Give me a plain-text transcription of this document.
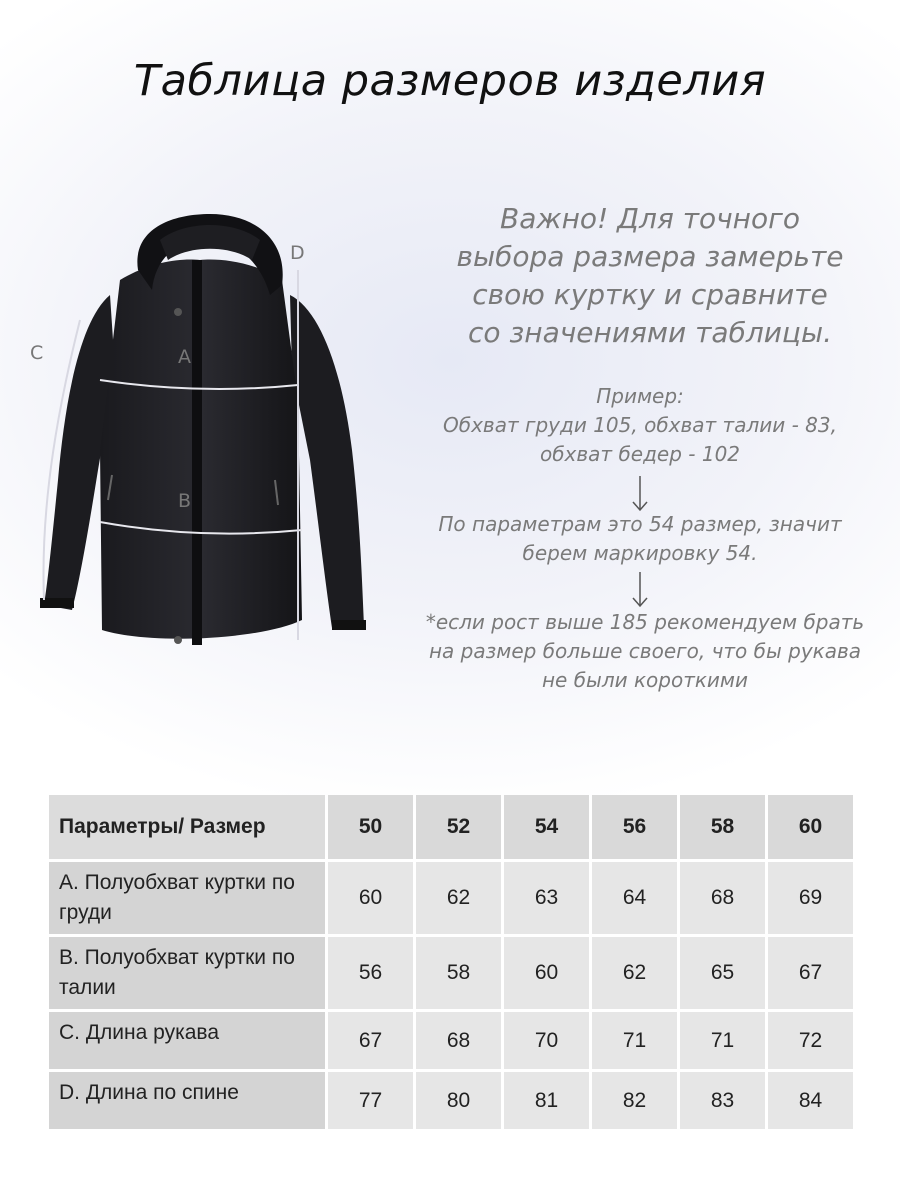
Таблица размеров изделия
A
B
C
D
Важно! Для точного
выбора размера замерьте
свою куртку и сравните
со значениями таблицы.
Пример:
Обхват груди 105, обхват талии - 83,
обхват бедер - 102
По параметрам это 54 размер, значит
берем маркировку 54.
*если рост выше 185 рекомендуем брать
на размер больше своего, что бы рукава
не были короткими
Параметры/ Размер	50	52	54	56	58	60
A. Полуобхват куртки по груди	60	62	63	64	68	69
B. Полуобхват куртки по талии	56	58	60	62	65	67
C. Длина рукава	67	68	70	71	71	72
D. Длина по спине	77	80	81	82	83	84
